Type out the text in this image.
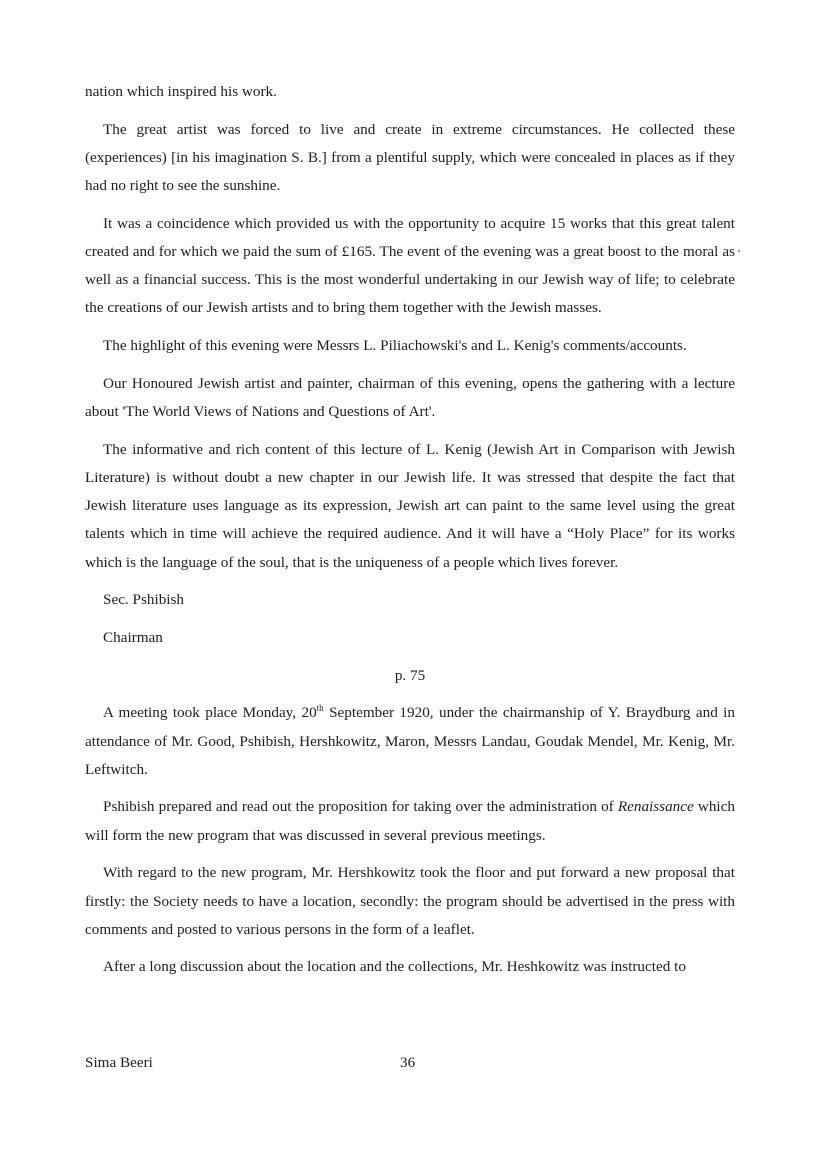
nation which inspired his work.

The great artist was forced to live and create in extreme circumstances. He collected these (experiences) [in his imagination S. B.] from a plentiful supply, which were concealed in places as if they had no right to see the sunshine.

It was a coincidence which provided us with the opportunity to acquire 15 works that this great talent created and for which we paid the sum of £165. The event of the evening was a great boost to the moral as well as a financial success. This is the most wonderful undertaking in our Jewish way of life; to celebrate the creations of our Jewish artists and to bring them together with the Jewish masses.

The highlight of this evening were Messrs L. Piliachowski's and L. Kenig's comments/accounts.

Our Honoured Jewish artist and painter, chairman of this evening, opens the gathering with a lecture about 'The World Views of Nations and Questions of Art'.

The informative and rich content of this lecture of L. Kenig (Jewish Art in Comparison with Jewish Literature) is without doubt a new chapter in our Jewish life. It was stressed that despite the fact that Jewish literature uses language as its expression, Jewish art can paint to the same level using the great talents which in time will achieve the required audience. And it will have a “Holy Place” for its works which is the language of the soul, that is the uniqueness of a people which lives forever.

Sec. Pshibish

Chairman

p. 75

A meeting took place Monday, 20th September 1920, under the chairmanship of Y. Braydburg and in attendance of Mr. Good, Pshibish, Hershkowitz, Maron, Messrs Landau, Goudak Mendel, Mr. Kenig, Mr. Leftwitch.

Pshibish prepared and read out the proposition for taking over the administration of Renaissance which will form the new program that was discussed in several previous meetings.

With regard to the new program, Mr. Hershkowitz took the floor and put forward a new proposal that firstly: the Society needs to have a location, secondly: the program should be advertised in the press with comments and posted to various persons in the form of a leaflet.

After a long discussion about the location and the collections, Mr. Heshkowitz was instructed to

Sima Beeri	36
